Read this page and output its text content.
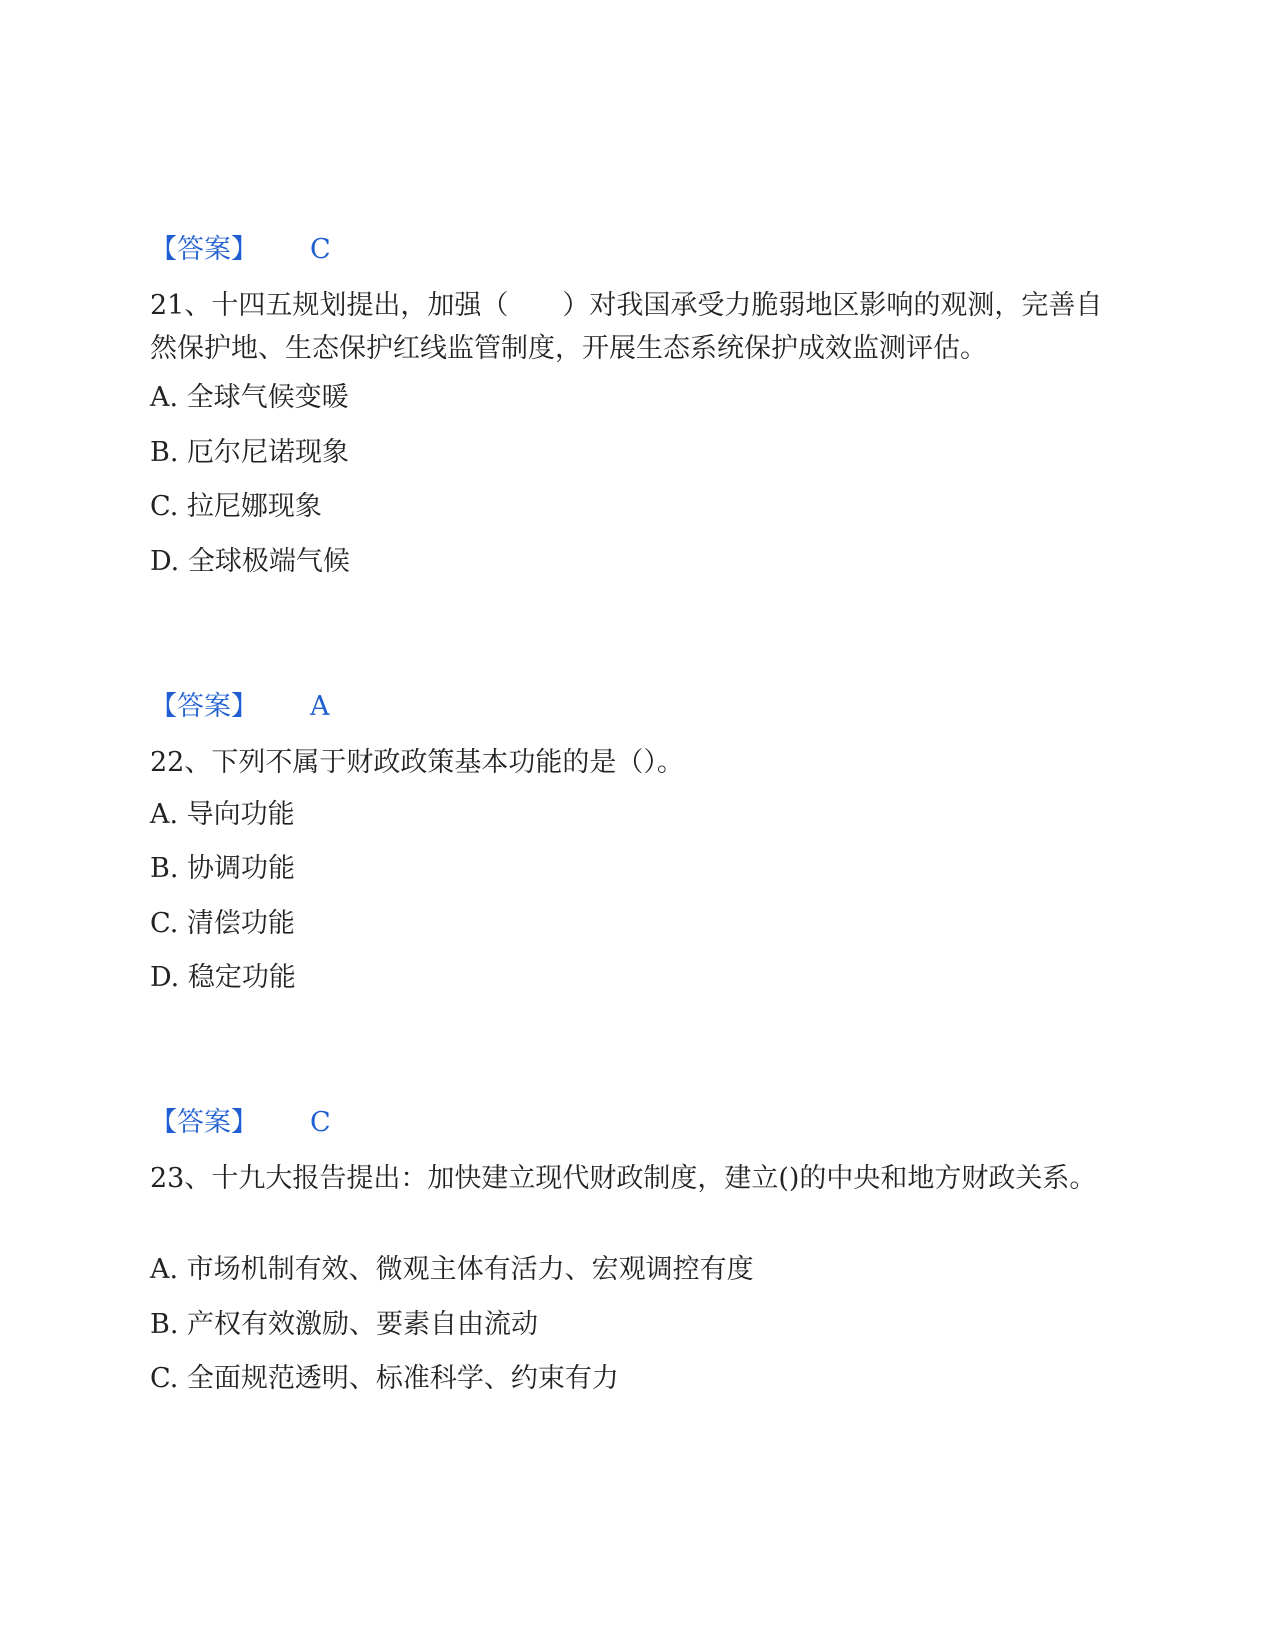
【答案】 C

21、十四五规划提出，加强（　　）对我国承受力脆弱地区影响的观测，完善自然保护地、生态保护红线监管制度，开展生态系统保护成效监测评估。

A. 全球气候变暖
B. 厄尔尼诺现象
C. 拉尼娜现象
D. 全球极端气候
【答案】 A

22、下列不属于财政政策基本功能的是（）。

A. 导向功能
B. 协调功能
C. 清偿功能
D. 稳定功能
【答案】 C

23、十九大报告提出：加快建立现代财政制度，建立()的中央和地方财政关系。

A. 市场机制有效、微观主体有活力、宏观调控有度
B. 产权有效激励、要素自由流动
C. 全面规范透明、标准科学、约束有力
